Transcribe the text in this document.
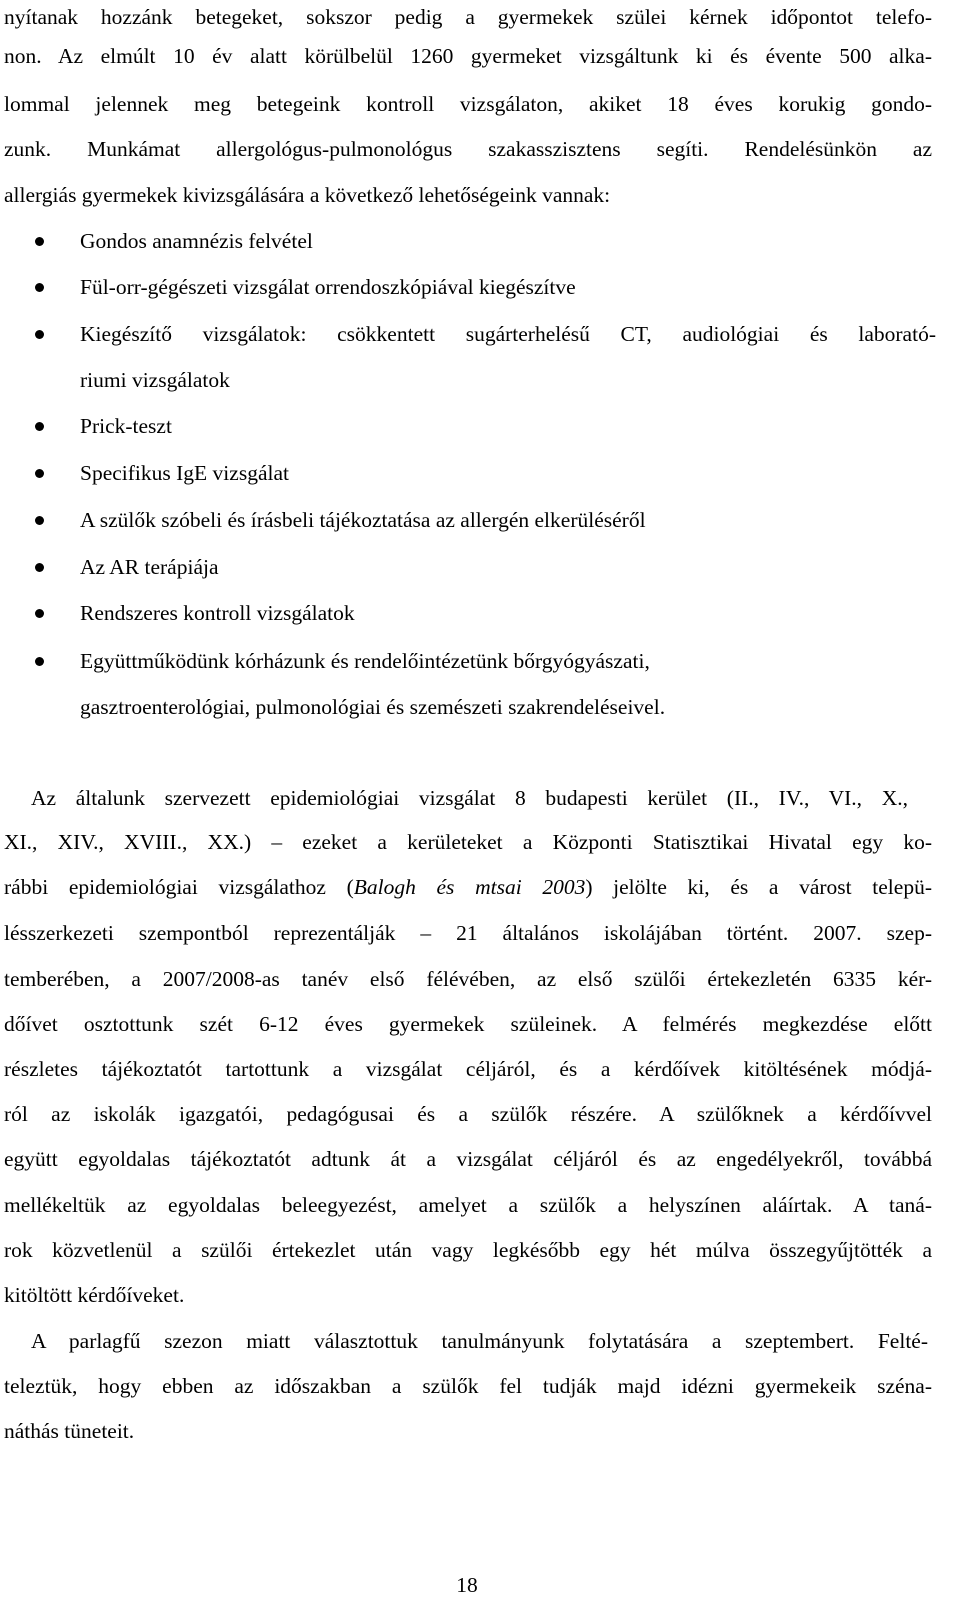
nyítanak hozzánk betegeket, sokszor pedig a gyermekek szülei kérnek időpontot telefo-
non. Az elmúlt 10 év alatt körülbelül 1260 gyermeket vizsgáltunk ki és évente 500 alka-
lommal jelennek meg betegeink kontroll vizsgálaton, akiket 18 éves korukig gondo-
zunk. Munkámat allergológus-pulmonológus szakasszisztens segíti. Rendelésünkön az
allergiás gyermekek kivizsgálására a következő lehetőségeink vannak:
Gondos anamnézis felvétel
Fül-orr-gégészeti vizsgálat orrendoszkópiával kiegészítve
Kiegészítő vizsgálatok: csökkentett sugárterhelésű CT, audiológiai és laborató-
riumi vizsgálatok
Prick-teszt
Specifikus IgE vizsgálat
A szülők szóbeli és írásbeli tájékoztatása az allergén elkerüléséről
Az AR terápiája
Rendszeres kontroll vizsgálatok
Együttműködünk kórházunk és rendelőintézetünk bőrgyógyászati,
gasztroenterológiai, pulmonológiai és szemészeti szakrendeléseivel.
Az általunk szervezett epidemiológiai vizsgálat 8 budapesti kerület (II., IV., VI., X.,
XI., XIV., XVIII., XX.) – ezeket a kerületeket a Központi Statisztikai Hivatal egy ko-
rábbi epidemiológiai vizsgálathoz (Balogh és mtsai 2003) jelölte ki, és a várost telepü-
lésszerkezeti szempontból reprezentálják – 21 általános iskolájában történt. 2007. szep-
temberében, a 2007/2008-as tanév első félévében, az első szülői értekezletén 6335 kér-
dőívet osztottunk szét 6-12 éves gyermekek szüleinek. A felmérés megkezdése előtt
részletes tájékoztatót tartottunk a vizsgálat céljáról, és a kérdőívek kitöltésének módjá-
ról az iskolák igazgatói, pedagógusai és a szülők részére. A szülőknek a kérdőívvel
együtt egyoldalas tájékoztatót adtunk át a vizsgálat céljáról és az engedélyekről, továbbá
mellékeltük az egyoldalas beleegyezést, amelyet a szülők a helyszínen aláírtak. A taná-
rok közvetlenül a szülői értekezlet után vagy legkésőbb egy hét múlva összegyűjtötték a
kitöltött kérdőíveket.
A parlagfű szezon miatt választottuk tanulmányunk folytatására a szeptembert. Felté-
teleztük, hogy ebben az időszakban a szülők fel tudják majd idézni gyermekeik széna-
náthás tüneteit.
18
